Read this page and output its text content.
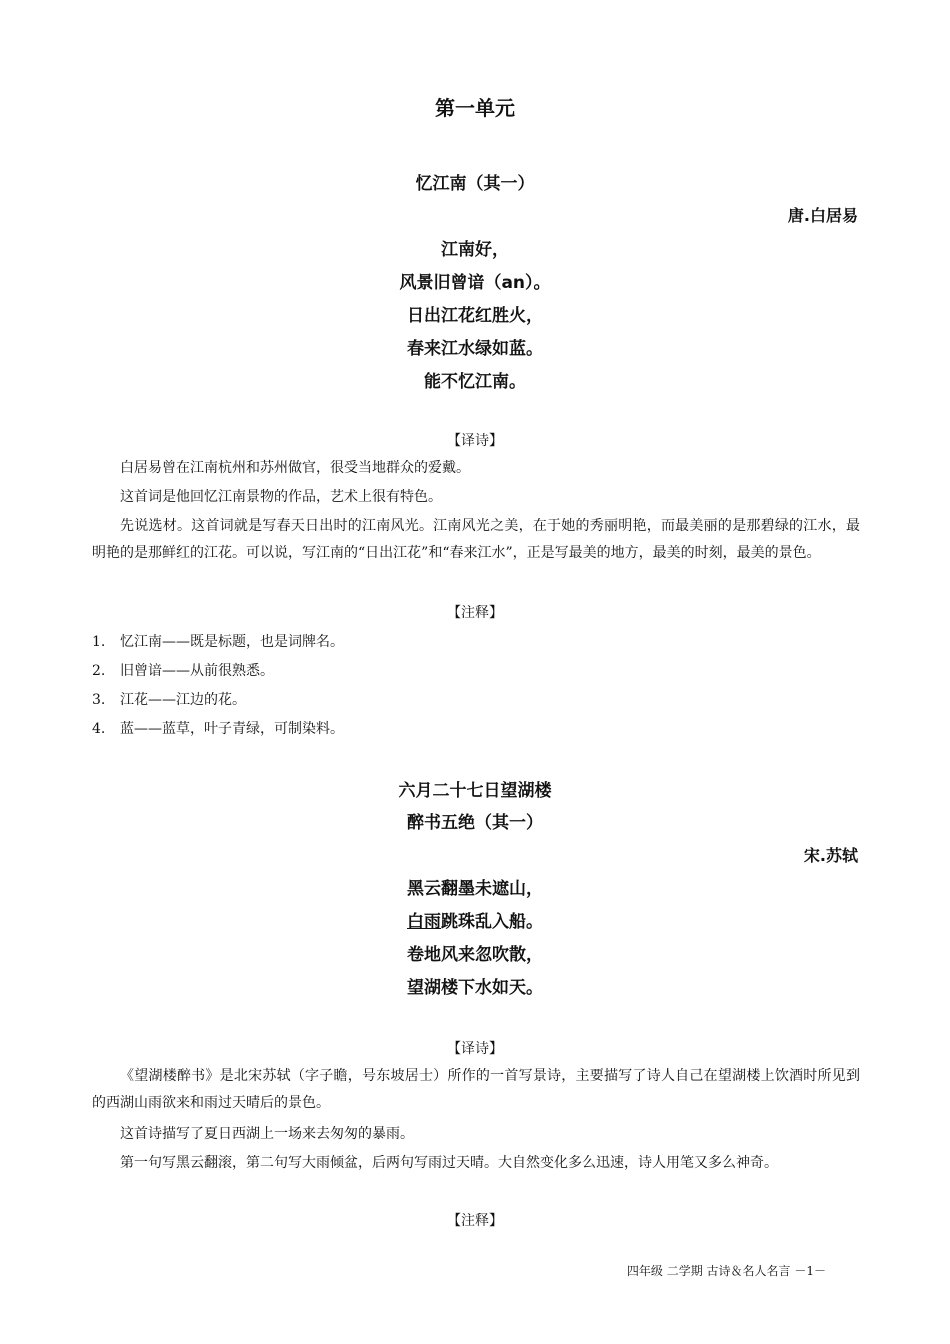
第一单元
忆江南（其一）
唐.白居易
江南好，
风景旧曾谙（an）。
日出江花红胜火，
春来江水绿如蓝。
能不忆江南。
【译诗】
白居易曾在江南杭州和苏州做官，很受当地群众的爱戴。
这首词是他回忆江南景物的作品，艺术上很有特色。
先说选材。这首词就是写春天日出时的江南风光。江南风光之美，在于她的秀丽明艳，而最美丽的是那碧绿的江水，最明艳的是那鲜红的江花。可以说，写江南的“日出江花”和“春来江水”，正是写最美的地方，最美的时刻，最美的景色。
【注释】
1. 忆江南——既是标题，也是词牌名。
2. 旧曾谙——从前很熟悉。
3. 江花——江边的花。
4. 蓝——蓝草，叶子青绿，可制染料。
六月二十七日望湖楼
醉书五绝（其一）
宋.苏轼
黑云翻墨未遮山，
白雨跳珠乱入船。
卷地风来忽吹散，
望湖楼下水如天。
【译诗】
《望湖楼醉书》是北宋苏轼（字子瞻，号东坡居士）所作的一首写景诗，主要描写了诗人自己在望湖楼上饮酒时所见到的西湖山雨欲来和雨过天晴后的景色。
这首诗描写了夏日西湖上一场来去匆匆的暴雨。
第一句写黑云翻滚，第二句写大雨倾盆，后两句写雨过天晴。大自然变化多么迅速，诗人用笔又多么神奇。
【注释】
四年级 二学期 古诗＆名人名言 －1－
